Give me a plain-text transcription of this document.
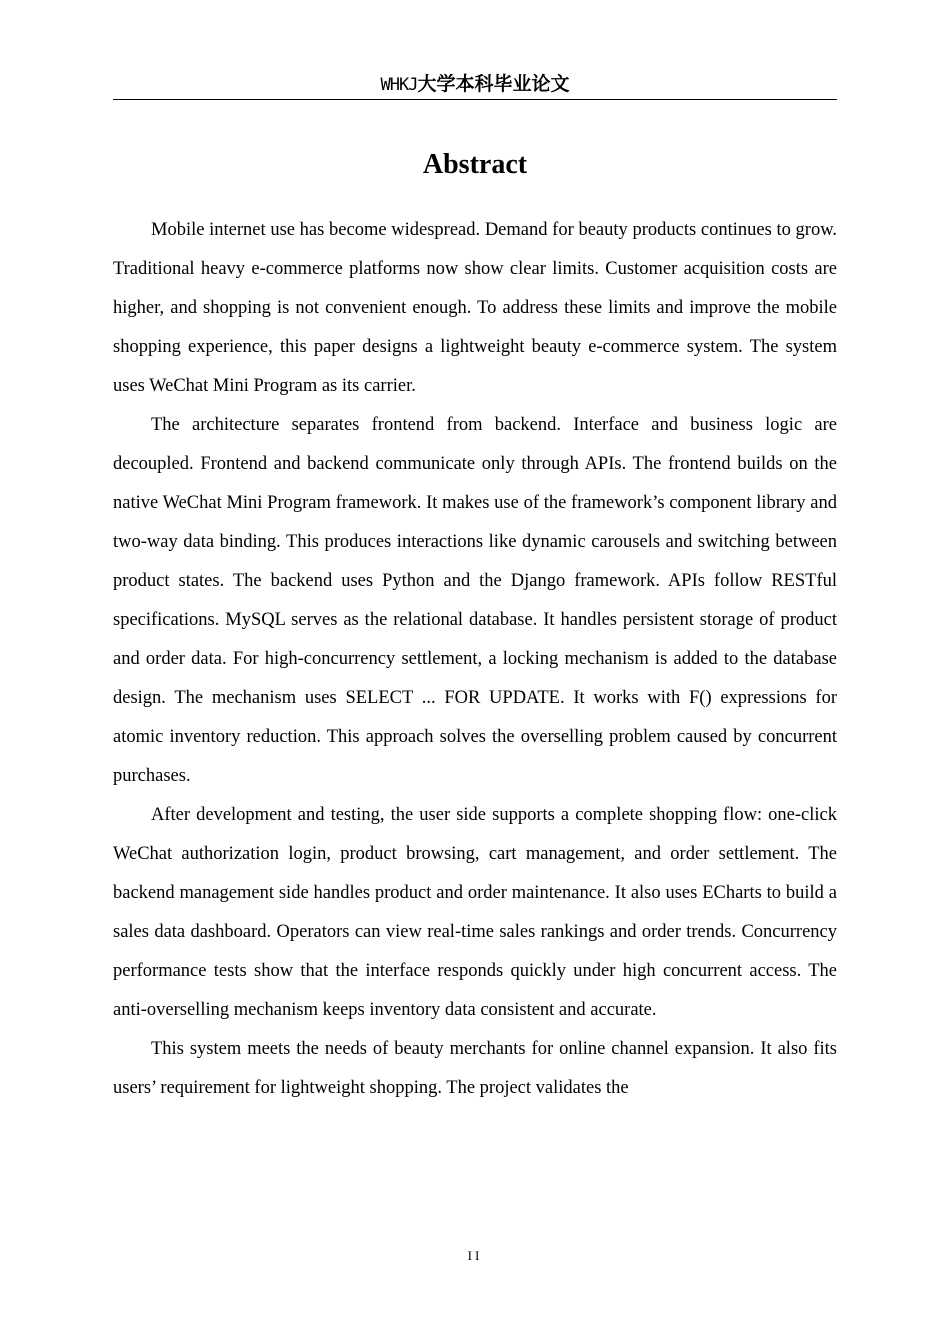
WHKJ大学本科毕业论文
Abstract

Mobile internet use has become widespread. Demand for beauty products continues to grow. Traditional heavy e-commerce platforms now show clear limits. Customer acquisition costs are higher, and shopping is not convenient enough. To address these limits and improve the mobile shopping experience, this paper designs a lightweight beauty e-commerce system. The system uses WeChat Mini Program as its carrier.

The architecture separates frontend from backend. Interface and business logic are decoupled. Frontend and backend communicate only through APIs. The frontend builds on the native WeChat Mini Program framework. It makes use of the framework’s component library and two-way data binding. This produces interactions like dynamic carousels and switching between product states. The backend uses Python and the Django framework. APIs follow RESTful specifications. MySQL serves as the relational database. It handles persistent storage of product and order data. For high-concurrency settlement, a locking mechanism is added to the database design. The mechanism uses SELECT ... FOR UPDATE. It works with F() expressions for atomic inventory reduction. This approach solves the overselling problem caused by concurrent purchases.

After development and testing, the user side supports a complete shopping flow: one-click WeChat authorization login, product browsing, cart management, and order settlement. The backend management side handles product and order maintenance. It also uses ECharts to build a sales data dashboard. Operators can view real-time sales rankings and order trends. Concurrency performance tests show that the interface responds quickly under high concurrent access. The anti-overselling mechanism keeps inventory data consistent and accurate.

This system meets the needs of beauty merchants for online channel expansion. It also fits users’ requirement for lightweight shopping. The project validates the

II
